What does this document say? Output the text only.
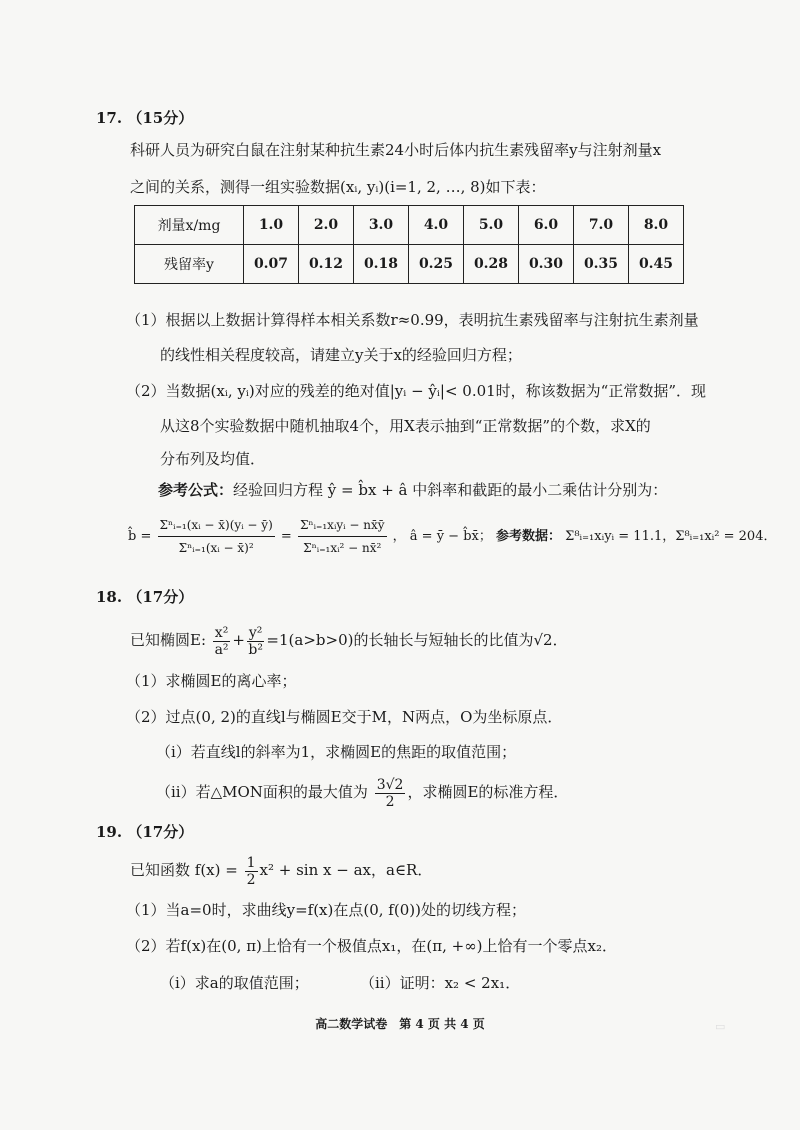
17. （15分）
科研人员为研究白鼠在注射某种抗生素24小时后体内抗生素残留率y与注射剂量x
之间的关系，测得一组实验数据(xᵢ, yᵢ)(i=1, 2, …, 8)如下表：
剂量x/mg	1.0	2.0	3.0	4.0	5.0	6.0	7.0	8.0
残留率y	0.07	0.12	0.18	0.25	0.28	0.30	0.35	0.45
（1）根据以上数据计算得样本相关系数r≈0.99，表明抗生素残留率与注射抗生素剂量
的线性相关程度较高，请建立y关于x的经验回归方程；
（2）当数据(xᵢ, yᵢ)对应的残差的绝对值|yᵢ − ŷᵢ|< 0.01时，称该数据为“正常数据”．现
从这8个实验数据中随机抽取4个，用X表示抽到“正常数据”的个数，求X的
分布列及均值．
参考公式：经验回归方程 ŷ = b̂x + â 中斜率和截距的最小二乘估计分别为：
b̂ = $\frac{\text{Σⁿᵢ₌₁(xᵢ − x̄)(yᵢ − ȳ)}}{\text{Σⁿᵢ₌₁(xᵢ − x̄)²}} = \frac{\text{Σⁿᵢ₌₁xᵢyᵢ − nx̄ȳ}}{\text{Σⁿᵢ₌₁xᵢ² − nx̄²}}$ ， â = ȳ − b̂x̄； 参考数据： Σ⁸ᵢ₌₁xᵢyᵢ = 11.1，Σ⁸ᵢ₌₁xᵢ² = 204．
18. （17分）
已知椭圆E: $\frac{\text{x²}}{\text{a²}} + \frac{\text{y²}}{\text{b²}} =1(a>b>0)$的长轴长与短轴长的比值为√2．
（1）求椭圆E的离心率；
（2）过点(0, 2)的直线l与椭圆E交于M，N两点，O为坐标原点．
（i）若直线l的斜率为1，求椭圆E的焦距的取值范围；
（ii）若△MON面积的最大值为 $\frac{3√2}{2}$ ，求椭圆E的标准方程．
19. （17分）
已知函数 $f(x) = \frac{1}{2} x^2 + \sin x$ − ax，a∈R．
（1）当a=0时，求曲线y=f(x)在点(0, f(0))处的切线方程；
（2）若f(x)在(0, π)上恰有一个极值点x₁，在(π, +∞)上恰有一个零点x₂．
（i）求a的取值范围；	（ii）证明：x₂ < 2x₁．
高二数学试卷　第 4 页 共 4 页	▭
